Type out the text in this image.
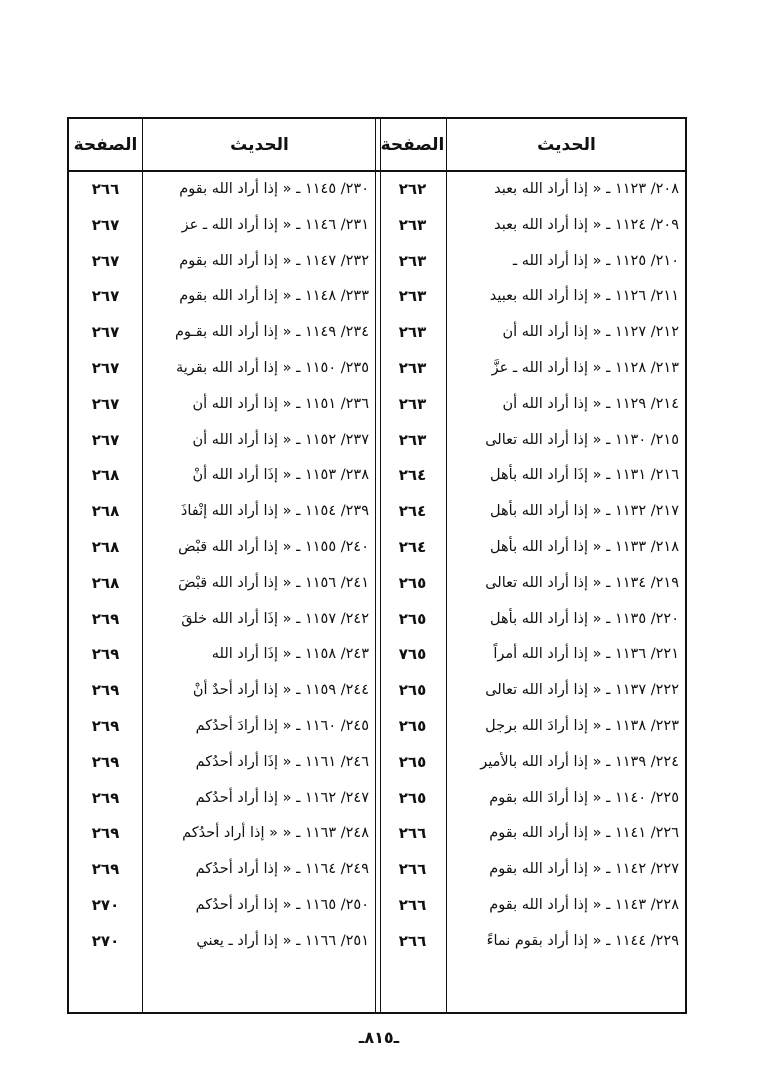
الصفحة	الحديث
الصفحة	الحديث
٢٠٨/ ١١٢٣ ـ « إذا أراد الله بعبد
٢٦٢
٢٠٩/ ١١٢٤ ـ « إذا أراد الله بعبد
٢٦٣
٢١٠/ ١١٢٥ ـ « إذا أراد الله ـ
٢٦٣
٢١١/ ١١٢٦ ـ « إذا أراد الله بعبيد
٢٦٣
٢١٢/ ١١٢٧ ـ « إذا أراد الله أن
٢٦٣
٢١٣/ ١١٢٨ ـ « إذا أراد الله ـ عزَّ
٢٦٣
٢١٤/ ١١٢٩ ـ « إذا أراد الله أن
٢٦٣
٢١٥/ ١١٣٠ ـ « إذا أراد الله تعالى
٢٦٣
٢١٦/ ١١٣١ ـ « إذَا أراد الله بأهل
٢٦٤
٢١٧/ ١١٣٢ ـ « إذا أراد الله بأهل
٢٦٤
٢١٨/ ١١٣٣ ـ « إذا أراد الله بأهل
٢٦٤
٢١٩/ ١١٣٤ ـ « إذا أراد الله تعالى
٢٦٥
٢٢٠/ ١١٣٥ ـ « إذا أراد الله بأهل
٢٦٥
٢٢١/ ١١٣٦ ـ « إذا أراد الله أمراً
٧٦٥
٢٢٢/ ١١٣٧ ـ « إذا أراد الله تعالى
٢٦٥
٢٢٣/ ١١٣٨ ـ « إذا أرادَ الله برجل
٢٦٥
٢٢٤/ ١١٣٩ ـ « إذا أراد الله بالأمير
٢٦٥
٢٢٥/ ١١٤٠ ـ « إذا أرادَ الله بقوم
٢٦٥
٢٢٦/ ١١٤١ ـ « إذا أراد الله بقوم
٢٦٦
٢٢٧/ ١١٤٢ ـ « إذا أراد الله بقوم
٢٦٦
٢٢٨/ ١١٤٣ ـ « إذا أراد الله بقوم
٢٦٦
٢٢٩/ ١١٤٤ ـ « إذا أراد بقوم نماءً
٢٦٦
٢٣٠/ ١١٤٥ ـ « إذا أراد الله بقوم
٢٦٦
٢٣١/ ١١٤٦ ـ « إذا أراد الله ـ عز
٢٦٧
٢٣٢/ ١١٤٧ ـ « إذا أراد الله بقوم
٢٦٧
٢٣٣/ ١١٤٨ ـ « إذا أراد الله بقوم
٢٦٧
٢٣٤/ ١١٤٩ ـ « إذا أراد الله بقـوم
٢٦٧
٢٣٥/ ١١٥٠ ـ « إذا أراد الله بقرية
٢٦٧
٢٣٦/ ١١٥١ ـ « إذا أراد الله أن
٢٦٧
٢٣٧/ ١١٥٢ ـ « إذا أراد الله أن
٢٦٧
٢٣٨/ ١١٥٣ ـ « إذَا أراد الله أنْ
٢٦٨
٢٣٩/ ١١٥٤ ـ « إذا أراد الله إنْفاذَ
٢٦٨
٢٤٠/ ١١٥٥ ـ « إذا أراد الله قبْض
٢٦٨
٢٤١/ ١١٥٦ ـ « إذا أراد الله قبْضَ
٢٦٨
٢٤٢/ ١١٥٧ ـ « إذَا أراد الله خلقَ
٢٦٩
٢٤٣/ ١١٥٨ ـ « إذَا أراد الله
٢٦٩
٢٤٤/ ١١٥٩ ـ « إذا أراد أحدٌ أنْ
٢٦٩
٢٤٥/ ١١٦٠ ـ « إذا أرادَ أحدُكم
٢٦٩
٢٤٦/ ١١٦١ ـ « إذَا أراد أحدُكم
٢٦٩
٢٤٧/ ١١٦٢ ـ « إذا أراد أحدُكم
٢٦٩
٢٤٨/ ١١٦٣ ـ « « إذا أراد أحدُكم
٢٦٩
٢٤٩/ ١١٦٤ ـ « إذا أراد أحدُكم
٢٦٩
٢٥٠/ ١١٦٥ ـ « إذا أراد أحدُكم
٢٧٠
٢٥١/ ١١٦٦ ـ « إذا أراد ـ يعني
٢٧٠
ـ٨١٥ـ
